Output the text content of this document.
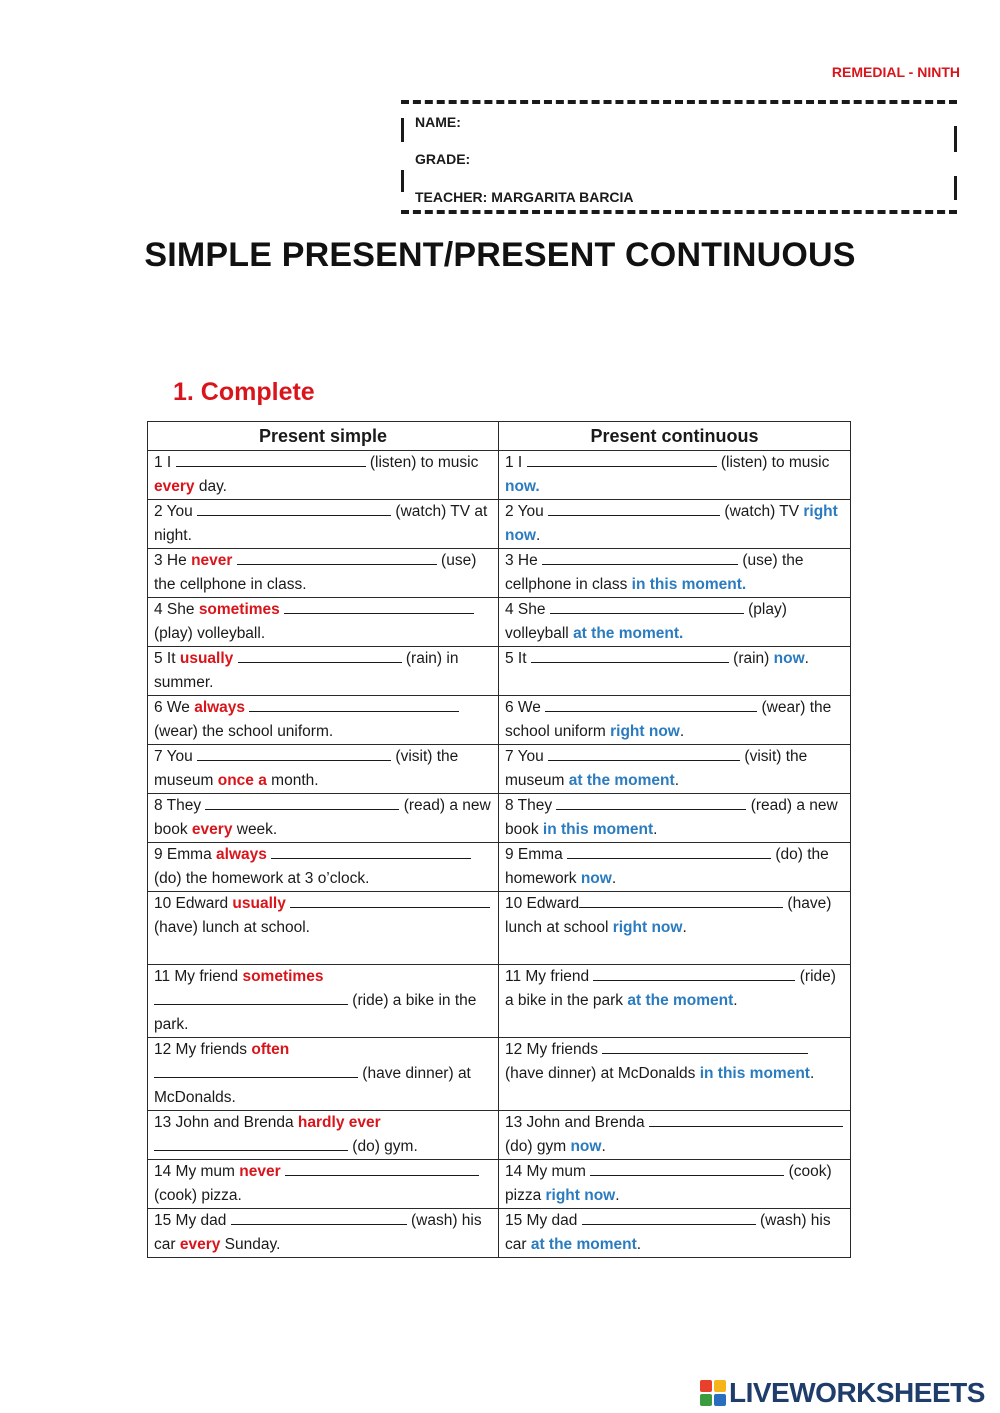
REMEDIAL - NINTH
NAME:
GRADE:
TEACHER: MARGARITA BARCIA
SIMPLE PRESENT/PRESENT CONTINUOUS
1. Complete
Present simple	Present continuous
1 I (listen) to music every day.	1 I (listen) to music now.
2 You (watch) TV at night.	2 You (watch) TV right now.
3 He never (use) the cellphone in class.	3 He (use) the cellphone in class in this moment.
4 She sometimes  (play) volleyball.	4 She (play) volleyball at the moment.
5 It usually (rain) in summer.	5 It (rain) now.
6 We always  (wear) the school uniform.	6 We (wear) the school uniform right now.
7 You (visit) the museum once a month.	7 You (visit) the museum at the moment.
8 They (read) a new book every week.	8 They (read) a new book in this moment.
9 Emma always  (do) the homework at 3 o’clock.	9 Emma (do) the homework now.
10 Edward usually  (have) lunch at school.	10 Edward (have) lunch at school right now.
11 My friend sometimes  (ride) a bike in the park.	11 My friend (ride) a bike in the park at the moment.
12 My friends often  (have dinner) at McDonalds.	12 My friends  (have dinner) at McDonalds in this moment.
13 John and Brenda hardly ever  (do) gym.	13 John and Brenda  (do) gym now.
14 My mum never  (cook) pizza.	14 My mum (cook) pizza right now.
15 My dad (wash) his car every Sunday.	15 My dad (wash) his car at the moment.
LIVEWORKSHEETS
